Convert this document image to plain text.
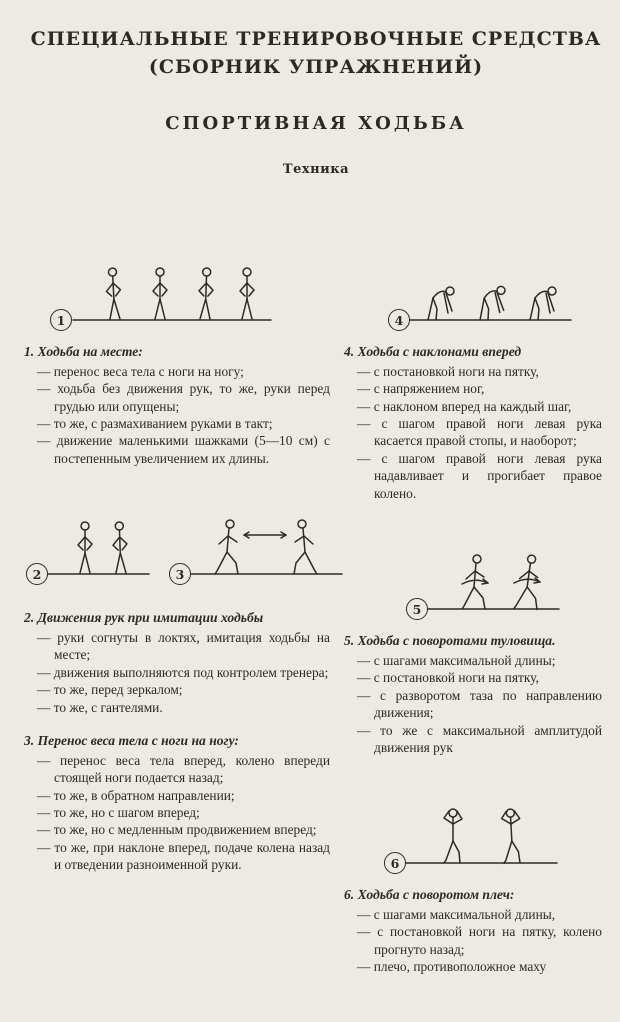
СПЕЦИАЛЬНЫЕ ТРЕНИРОВОЧНЫЕ СРЕДСТВА
(СБОРНИК УПРАЖНЕНИЙ)
СПОРТИВНАЯ ХОДЬБА
Техника
1
1. Ходьба на месте:
— перенос веса тела с ноги на ногу;
— ходьба без движения рук, то же, руки перед грудью или опущены;
— то же, с размахиванием руками в такт;
— движение маленькими шажками (5—10 см) с постепенным увеличением их длины.
2	3
2. Движения рук при имитации ходьбы
— руки согнуты в локтях, имитация ходьбы на месте;
— движения выполняются под контролем тренера;
— то же, перед зеркалом;
— то же, с гантелями.
3. Перенос веса тела с ноги на ногу:
— перенос веса тела вперед, колено впереди стоящей ноги подается назад;
— то же, в обратном направлении;
— то же, но с шагом вперед;
— то же, но с медленным продвижением вперед;
— то же, при наклоне вперед, подаче колена назад и отведении разноименной руки.
4
4. Ходьба с наклонами вперед
— с постановкой ноги на пятку,
— с напряжением ног,
— с наклоном вперед на каждый шаг,
— с шагом правой ноги левая рука касается правой стопы, и наоборот;
— с шагом правой ноги левая рука надавливает и прогибает правое колено.
5
5. Ходьба с поворотами туловища.
— с шагами максимальной длины;
— с постановкой ноги на пятку,
— с разворотом таза по направлению движения;
— то же с максимальной амплитудой движения рук
6
6. Ходьба с поворотом плеч:
— с шагами максимальной длины,
— с постановкой ноги на пятку, колено прогнуто назад;
— плечо, противоположное маху
